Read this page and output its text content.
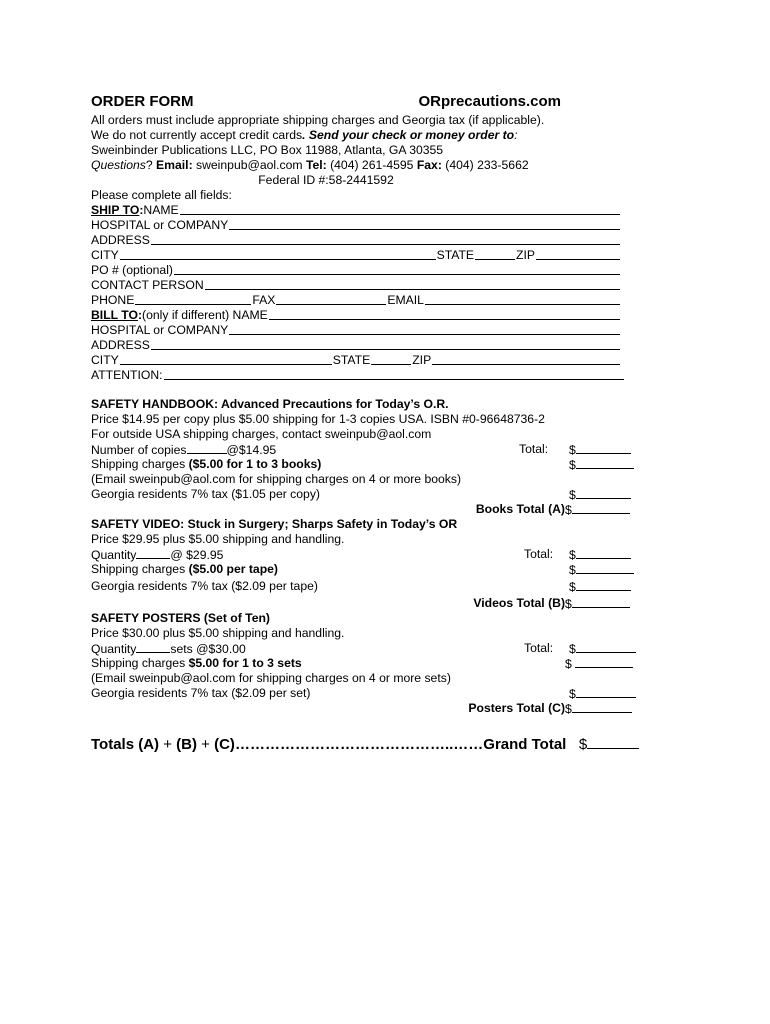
ORDER FORM	ORprecautions.com
All orders must include appropriate shipping charges and Georgia tax (if applicable).
We do not currently accept credit cards. Send your check or money order to:
Sweinbinder Publications LLC, PO Box 11988, Atlanta, GA 30355
Questions? Email: sweinpub@aol.com Tel: (404) 261-4595 Fax: (404) 233-5662
Federal ID #:58-2441592
Please complete all fields:
SHIP TO : NAME
HOSPITAL or COMPANY
ADDRESS
CITY	STATE	ZIP
PO # (optional)
CONTACT PERSON
PHONE	FAX	EMAIL
BILL TO : (only if different) NAME
HOSPITAL or COMPANY
ADDRESS
CITY	STATE	ZIP
ATTENTION:
SAFETY HANDBOOK: Advanced Precautions for Today’s O.R.
Price $14.95 per copy plus $5.00 shipping for 1-3 copies USA. ISBN #0-96648736-2
For outside USA shipping charges, contact sweinpub@aol.com
Number of copies	@$14.95	Total: $
Shipping charges ($5.00 for 1 to 3 books)	$
(Email sweinpub@aol.com for shipping charges on 4 or more books)
Georgia residents 7% tax ($1.05 per copy)	$
Books Total (A) $
SAFETY VIDEO: Stuck in Surgery; Sharps Safety in Today’s OR
Price $29.95 plus $5.00 shipping and handling.
Quantity	@ $29.95	Total: $
Shipping charges ($5.00 per tape)	$
Georgia residents 7% tax ($2.09 per tape)	$
Videos Total (B) $
SAFETY POSTERS (Set of Ten)
Price $30.00 plus $5.00 shipping and handling.
Quantity	sets @$30.00	Total: $
Shipping charges $5.00 for 1 to 3 sets	$
(Email sweinpub@aol.com for shipping charges on 4 or more sets)
Georgia residents 7% tax ($2.09 per set)	$
Posters Total (C) $
Totals (A) + (B) + (C)……………………………………..……Grand Total $
